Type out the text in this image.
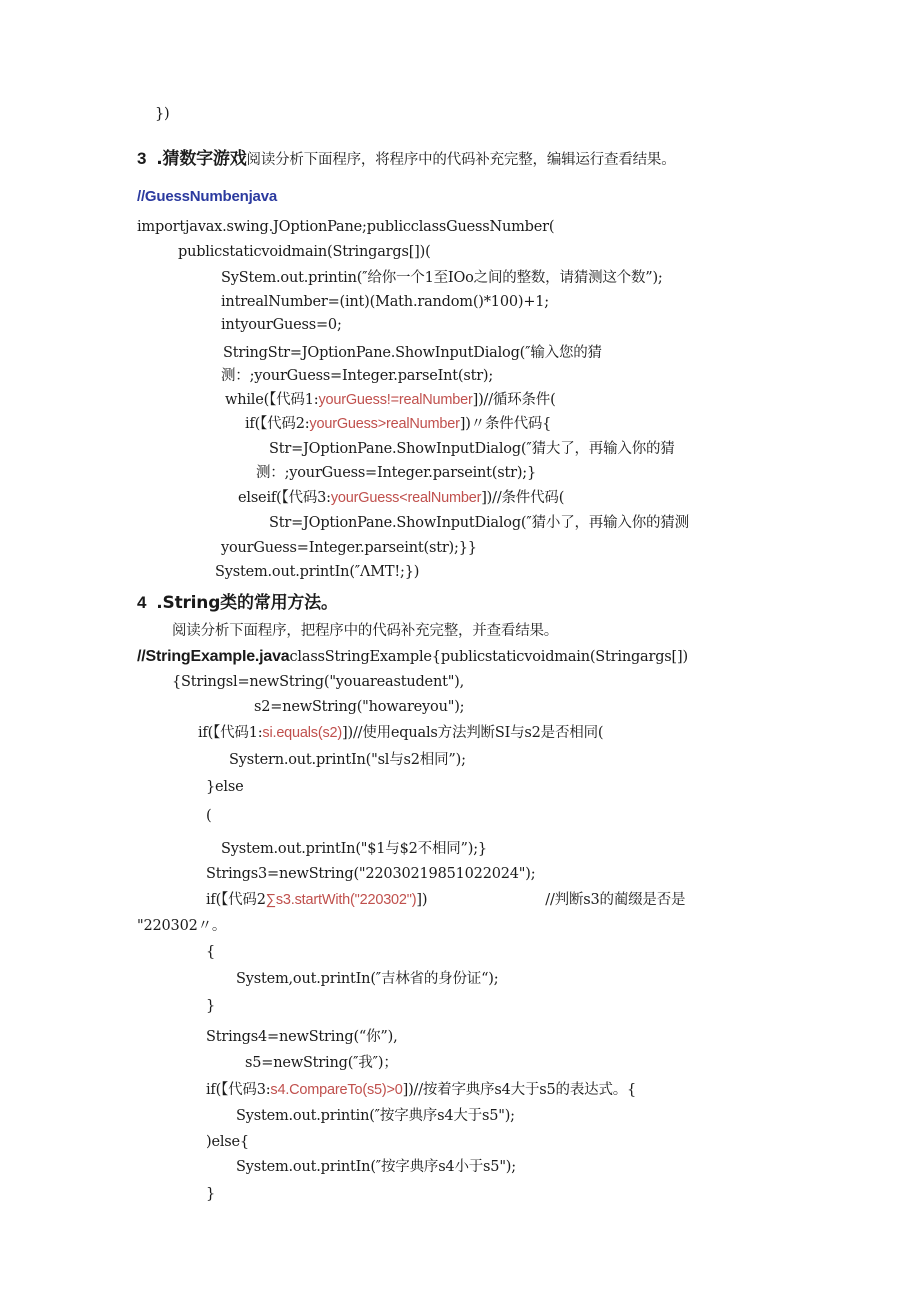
})
3 .猜数字游戏阅读分析下面程序，将程序中的代码补充完整，编辑运行查看结果。
//GuessNumbenjava
importjavax.swing.JOptionPane;publicclassGuessNumber(
publicstaticvoidmain(Stringargs[])(
SyStem.out.printin(″给你一个1至IOo之间的整数，请猜测这个数”);
intrealNumber=(int)(Math.random()*100)+1;
intyourGuess=0;
StringStr=JOptionPane.ShowInputDialog(″输入您的猜
测：;yourGuess=Integer.parseInt(str);
while(【代码1:yourGuess!=realNumber])//循环条件(
if(【代码2:yourGuess>realNumber])〃条件代码{
Str=JOptionPane.ShowInputDialog(″猜大了，再输入你的猜
测：;yourGuess=Integer.parseint(str);}
elseif(【代码3:yourGuess<realNumber])//条件代码(
Str=JOptionPane.ShowInputDialog(″猜小了，再输入你的猜测
yourGuess=Integer.parseint(str);}}
System.out.printIn(″ΛMT!;})
4 .String类的常用方法。
阅读分析下面程序，把程序中的代码补充完整，并查看结果。
//StringExampIe.javaclassStringExample{publicstaticvoidmain(Stringargs[])
{Stringsl=newString("youareastudent"),
s2=newString("howareyou");
if(【代码1:si.equals(s2)])//使用equals方法判断SI与s2是否相同(
Systern.out.printIn("sl与s2相同”);
}else
(
System.out.printIn("$1与$2不相同”);}
Strings3=newString("22030219851022024");
if(【代码2∑s3.startWith("220302")])	//判断s3的蔺缀是否是
"220302〃。
{
System,out.printIn(″吉林省的身份证“);
}
Strings4=newString(“你”),
s5=newString(″我″)；
if(【代码3:s4.CompareTo(s5)>0])//按着字典序s4大于s5的表达式。{
System.out.printin(″按字典序s4大于s5");
)else{
System.out.printIn(″按字典序s4小于s5");
}
